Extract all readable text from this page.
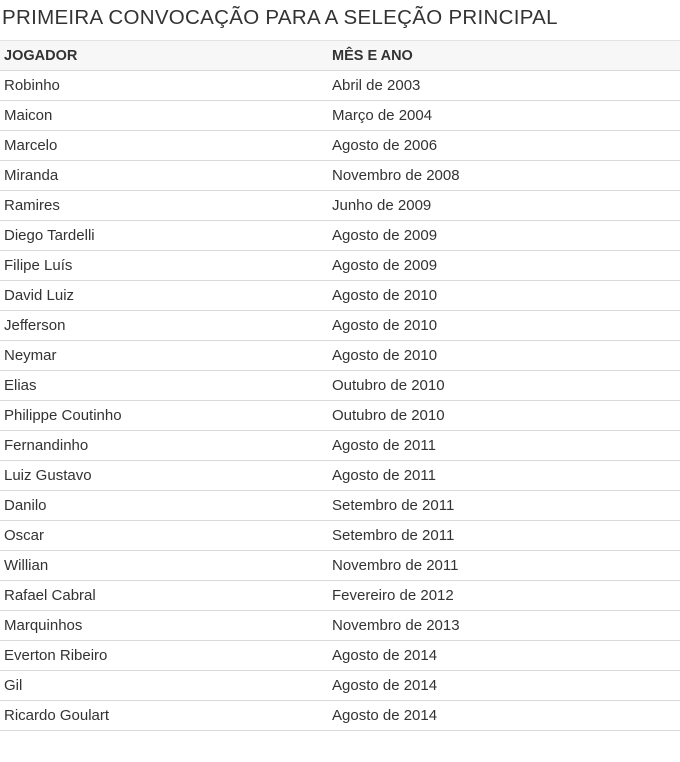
PRIMEIRA CONVOCAÇÃO PARA A SELEÇÃO PRINCIPAL
JOGADOR	MÊS E ANO
Robinho	Abril de 2003
Maicon	Março de 2004
Marcelo	Agosto de 2006
Miranda	Novembro de 2008
Ramires	Junho de 2009
Diego Tardelli	Agosto de 2009
Filipe Luís	Agosto de 2009
David Luiz	Agosto de 2010
Jefferson	Agosto de 2010
Neymar	Agosto de 2010
Elias	Outubro de 2010
Philippe Coutinho	Outubro de 2010
Fernandinho	Agosto de 2011
Luiz Gustavo	Agosto de 2011
Danilo	Setembro de 2011
Oscar	Setembro de 2011
Willian	Novembro de 2011
Rafael Cabral	Fevereiro de 2012
Marquinhos	Novembro de 2013
Everton Ribeiro	Agosto de 2014
Gil	Agosto de 2014
Ricardo Goulart	Agosto de 2014
